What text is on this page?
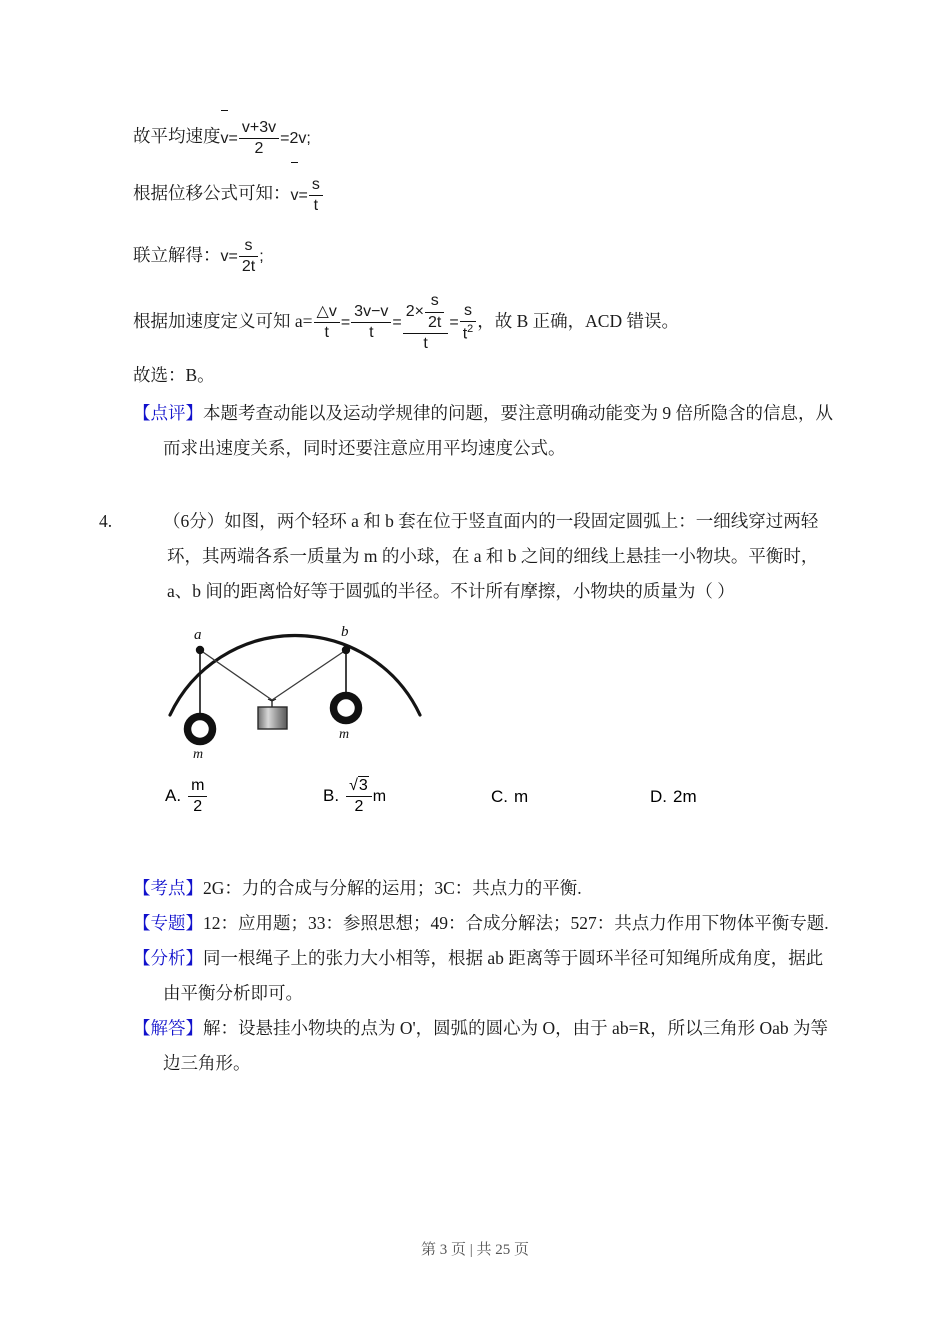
故平均速度
$v= \frac{v+3v}{2} =2v$;
根据位移公式可知：
$v= \frac{s}{t}$
联立解得：$v= \frac{s}{2t}$ ;
根据加速度定义可知 $a= \frac{\triangle v}{t} = \frac{3v-v}{t} = \frac{2\times \frac{s}{2t}}{t} = \frac{s}{t^2}$ ，故 B 正确，ACD 错误。
故选：B。
【点评】本题考查动能以及运动学规律的问题，要注意明确动能变为 9 倍所隐含的信息，从而求出速度关系，同时还要注意应用平均速度公式。
4.	（6分）如图，两个轻环 a 和 b 套在位于竖直面内的一段固定圆弧上：一细线穿过两轻环，其两端各系一质量为 m 的小球，在 a 和 b 之间的细线上悬挂一小物块。平衡时，a、b 间的距离恰好等于圆弧的半径。不计所有摩擦，小物块的质量为（ ）
a	b
m
m
A. $\frac{m}{2}$	B. $\frac{√3}{2}$ m	C. m	D. 2m
【考点】2G：力的合成与分解的运用；3C：共点力的平衡.
【专题】12：应用题；33：参照思想；49：合成分解法；527：共点力作用下物体平衡专题.
【分析】同一根绳子上的张力大小相等，根据 ab 距离等于圆环半径可知绳所成角度，据此由平衡分析即可。
【解答】解：设悬挂小物块的点为 O'，圆弧的圆心为 O，由于 ab=R，所以三角形 Oab 为等边三角形。
第 3 页 | 共 25 页
